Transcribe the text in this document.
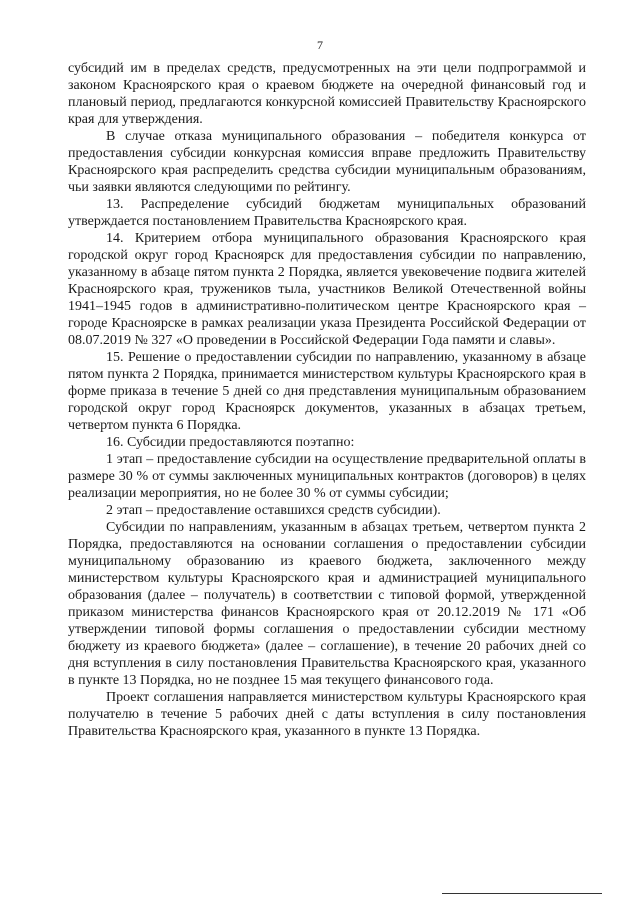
7

субсидий им в пределах средств, предусмотренных на эти цели подпрограммой и законом Красноярского края о краевом бюджете на очередной финансовый год и плановый период, предлагаются конкурсной комиссией Правительству Красноярского края для утверждения.

В случае отказа муниципального образования – победителя конкурса от предоставления субсидии конкурсная комиссия вправе предложить Правительству Красноярского края распределить средства субсидии муниципальным образованиям, чьи заявки являются следующими по рейтингу.

13. Распределение субсидий бюджетам муниципальных образований утверждается постановлением Правительства Красноярского края.

14. Критерием отбора муниципального образования Красноярского края городской округ город Красноярск для предоставления субсидии по направлению, указанному в абзаце пятом пункта 2 Порядка, является увековечение подвига жителей Красноярского края, тружеников тыла, участников Великой Отечественной войны 1941–1945 годов в административно-политическом центре Красноярского края – городе Красноярске в рамках реализации указа Президента Российской Федерации от 08.07.2019 № 327 «О проведении в Российской Федерации Года памяти и славы».

15. Решение о предоставлении субсидии по направлению, указанному в абзаце пятом пункта 2 Порядка, принимается министерством культуры Красноярского края в форме приказа в течение 5 дней со дня представления муниципальным образованием городской округ город Красноярск документов, указанных в абзацах третьем, четвертом пункта 6 Порядка.

16. Субсидии предоставляются поэтапно:

1 этап – предоставление субсидии на осуществление предварительной оплаты в размере 30 % от суммы заключенных муниципальных контрактов (договоров) в целях реализации мероприятия, но не более 30 % от суммы субсидии;

2 этап – предоставление оставшихся средств субсидии).

Субсидии по направлениям, указанным в абзацах третьем, четвертом пункта 2 Порядка, предоставляются на основании соглашения о предоставлении субсидии муниципальному образованию из краевого бюджета, заключенного между министерством культуры Красноярского края и администрацией муниципального образования (далее – получатель) в соответствии с типовой формой, утвержденной приказом министерства финансов Красноярского края от 20.12.2019 № 171 «Об утверждении типовой формы соглашения о предоставлении субсидии местному бюджету из краевого бюджета» (далее – соглашение), в течение 20 рабочих дней со дня вступления в силу постановления Правительства Красноярского края, указанного в пункте 13 Порядка, но не позднее 15 мая текущего финансового года.

Проект соглашения направляется министерством культуры Красноярского края получателю в течение 5 рабочих дней с даты вступления в силу постановления Правительства Красноярского края, указанного в пункте 13 Порядка.
